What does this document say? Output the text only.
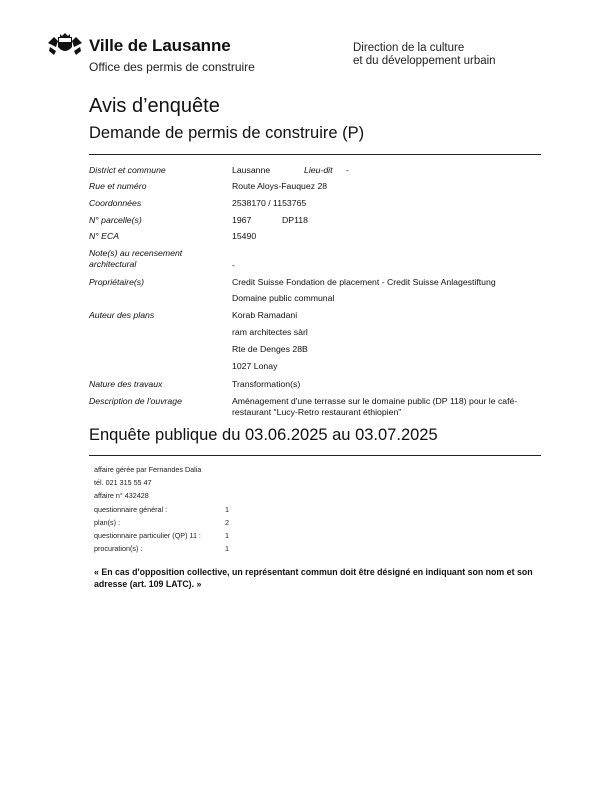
Ville de Lausanne
Office des permis de construire
Direction de la culture
et du développement urbain
Avis d’enquête
Demande de permis de construire (P)
District et commune	Lausanne	Lieu-dit -
Rue et numéro	Route Aloys-Fauquez 28
Coordonnées	2538170 / 1153765
N° parcelle(s)	1967	DP118
N° ECA	15490
Note(s) au recensement architectural	-
Propriétaire(s)	Credit Suisse Fondation de placement - Credit Suisse Anlagestiftung
Domaine public communal
Auteur des plans	Korab Ramadani
ram architectes sàrl
Rte de Denges 28B
1027 Lonay
Nature des travaux	Transformation(s)
Description de l'ouvrage	Aménagement d'une terrasse sur le domaine public (DP 118) pour le café-restaurant "Lucy-Retro restaurant éthiopien"
Enquête publique du 03.06.2025 au 03.07.2025
affaire gérée par Fernandes Dalia
tél. 021 315 55 47
affaire n° 432428
questionnaire général :	1
plan(s) :	2
questionnaire particulier (QP) 11 :	1
procuration(s) :	1
« En cas d'opposition collective, un représentant commun doit être désigné en indiquant son nom et son adresse (art. 109 LATC). »
